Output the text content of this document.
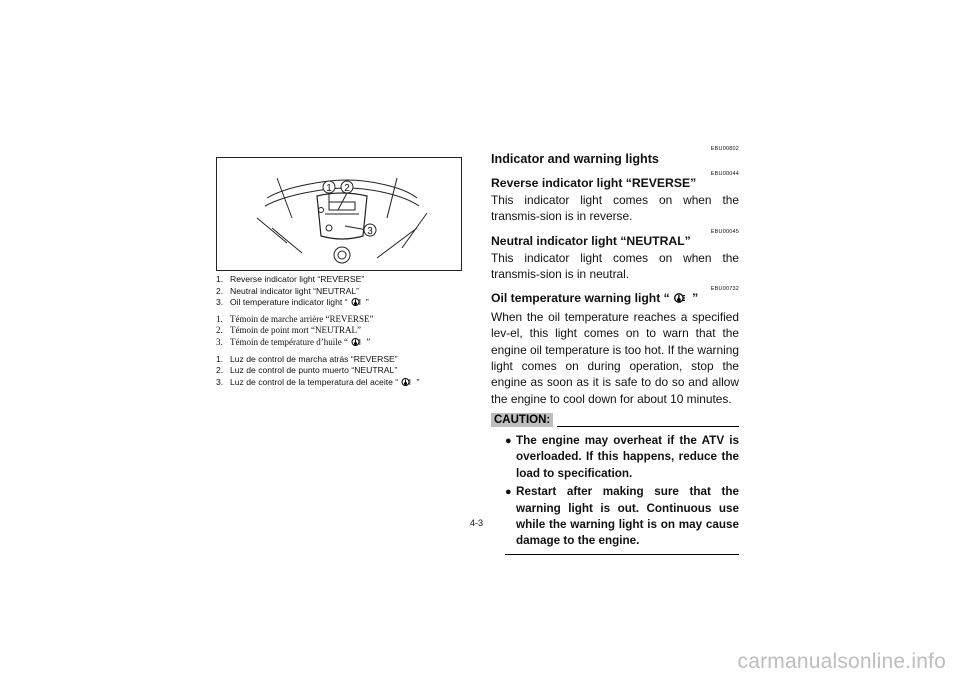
1 2
3
1. Reverse indicator light “REVERSE”
2. Neutral indicator light “NEUTRAL”
3. Oil temperature indicator light “ ”
1. Témoin de marche arrière “REVERSE”
2. Témoin de point mort “NEUTRAL”
3. Témoin de température d’huile “ ”
1. Luz de control de marcha atrás “REVERSE”
2. Luz de control de punto muerto “NEUTRAL”
3. Luz de control de la temperatura del aceite “ ”
EBU00802
Indicator and warning lights
EBU00044
Reverse indicator light “REVERSE”
This indicator light comes on when the transmis-sion is in reverse.
EBU00045
Neutral indicator light “NEUTRAL”
This indicator light comes on when the transmis-sion is in neutral.
EBU00732
Oil temperature warning light “ ”
When the oil temperature reaches a specified lev-el, this light comes on to warn that the engine oil temperature is too hot. If the warning light comes on during operation, stop the engine as soon as it is safe to do so and allow the engine to cool down for about 10 minutes.
CAUTION:
● The engine may overheat if the ATV is overloaded. If this happens, reduce the load to specification.
● Restart after making sure that the warning light is out. Continuous use while the warning light is on may cause damage to the engine.
4-3
carmanualsonline.info
